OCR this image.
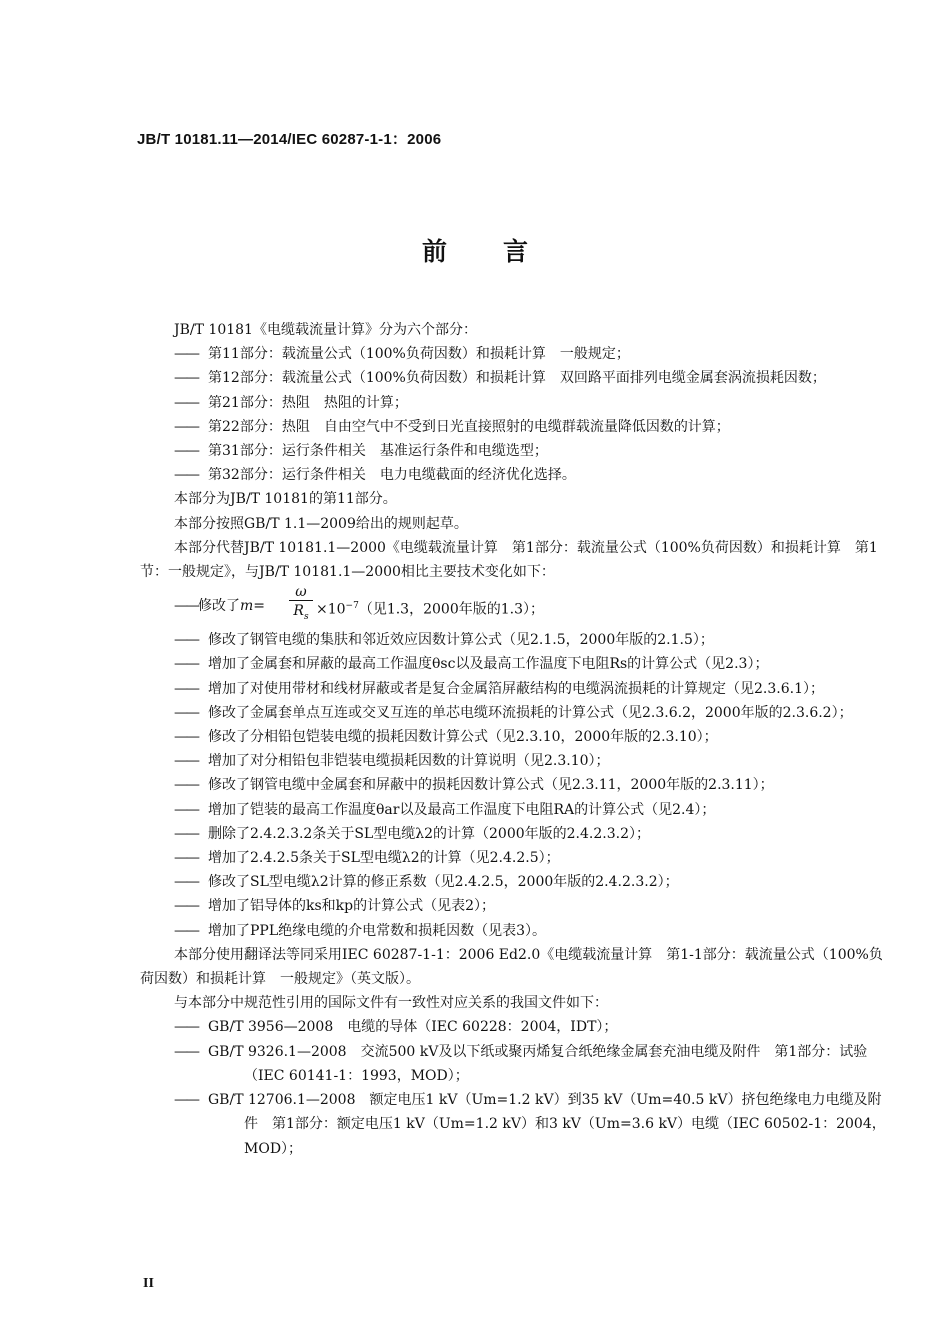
JB/T 10181.11—2014/IEC 60287-1-1：2006
前言

JB/T 10181《电缆载流量计算》分为六个部分：

—— 第11部分：载流量公式（100%负荷因数）和损耗计算　一般规定；

—— 第12部分：载流量公式（100%负荷因数）和损耗计算　双回路平面排列电缆金属套涡流损耗因数；

—— 第21部分：热阻　热阻的计算；

—— 第22部分：热阻　自由空气中不受到日光直接照射的电缆群载流量降低因数的计算；

—— 第31部分：运行条件相关　基准运行条件和电缆选型；

—— 第32部分：运行条件相关　电力电缆截面的经济优化选择。

本部分为JB/T 10181的第11部分。

本部分按照GB/T 1.1—2009给出的规则起草。

本部分代替JB/T 10181.1—2000《电缆载流量计算　第1部分：载流量公式（100%负荷因数）和损耗计算　第1节：一般规定》，与JB/T 10181.1—2000相比主要技术变化如下：

——修改了$m= \frac{\omega}{R_s} \times 10^{-7}$（见1.3，2000年版的1.3）；

—— 修改了钢管电缆的集肤和邻近效应因数计算公式（见2.1.5，2000年版的2.1.5）；

—— 增加了金属套和屏蔽的最高工作温度θsc以及最高工作温度下电阻Rs的计算公式（见2.3）；

—— 增加了对使用带材和线材屏蔽或者是复合金属箔屏蔽结构的电缆涡流损耗的计算规定（见2.3.6.1）；

—— 修改了金属套单点互连或交叉互连的单芯电缆环流损耗的计算公式（见2.3.6.2，2000年版的2.3.6.2）；

—— 修改了分相铅包铠装电缆的损耗因数计算公式（见2.3.10，2000年版的2.3.10）；

—— 增加了对分相铅包非铠装电缆损耗因数的计算说明（见2.3.10）；

—— 修改了钢管电缆中金属套和屏蔽中的损耗因数计算公式（见2.3.11，2000年版的2.3.11）；

—— 增加了铠装的最高工作温度θar以及最高工作温度下电阻RA的计算公式（见2.4）；

—— 删除了2.4.2.3.2条关于SL型电缆λ2的计算（2000年版的2.4.2.3.2）；

—— 增加了2.4.2.5条关于SL型电缆λ2的计算（见2.4.2.5）；

—— 修改了SL型电缆λ2计算的修正系数（见2.4.2.5，2000年版的2.4.2.3.2）；

—— 增加了铝导体的ks和kp的计算公式（见表2）；

—— 增加了PPL绝缘电缆的介电常数和损耗因数（见表3）。

本部分使用翻译法等同采用IEC 60287-1-1：2006 Ed2.0《电缆载流量计算　第1-1部分：载流量公式（100%负荷因数）和损耗计算　一般规定》（英文版）。

与本部分中规范性引用的国际文件有一致性对应关系的我国文件如下：

—— GB/T 3956—2008　电缆的导体（IEC 60228：2004，IDT）；

—— GB/T 9326.1—2008　交流500 kV及以下纸或聚丙烯复合纸绝缘金属套充油电缆及附件　第1部分：试验（IEC 60141-1：1993，MOD）；

—— GB/T 12706.1—2008　额定电压1 kV（Um=1.2 kV）到35 kV（Um=40.5 kV）挤包绝缘电力电缆及附件　第1部分：额定电压1 kV（Um=1.2 kV）和3 kV（Um=3.6 kV）电缆（IEC 60502-1：2004，MOD）；

II
